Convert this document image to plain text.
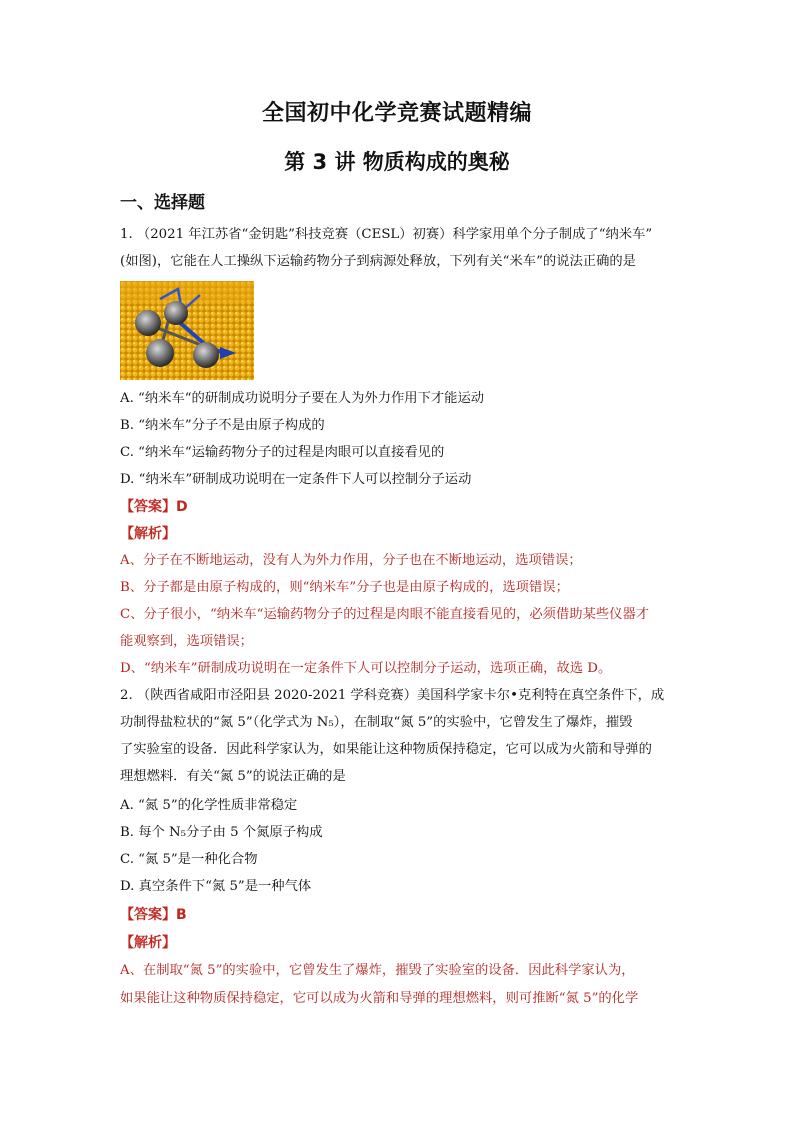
全国初中化学竞赛试题精编
第 3 讲 物质构成的奥秘
一、选择题
1. （2021 年江苏省“金钥匙”科技竞赛（CESL）初赛）科学家用单个分子制成了“纳米车”
(如图)，它能在人工操纵下运输药物分子到病源处释放，下列有关“米车”的说法正确的是
A. “纳米车“的研制成功说明分子要在人为外力作用下才能运动
B. “纳米车”分子不是由原子构成的
C. “纳米车“运输药物分子的过程是肉眼可以直接看见的
D. “纳米车”研制成功说明在一定条件下人可以控制分子运动
【答案】D
【解析】
A、分子在不断地运动，没有人为外力作用，分子也在不断地运动，选项错误；
B、分子都是由原子构成的，则“纳米车”分子也是由原子构成的，选项错误；
C、分子很小，“纳米车“运输药物分子的过程是肉眼不能直接看见的，必须借助某些仪器才
能观察到，选项错误；
D、“纳米车”研制成功说明在一定条件下人可以控制分子运动，选项正确，故选 D。
2. （陕西省咸阳市泾阳县 2020-2021 学科竞赛）美国科学家卡尔•克利特在真空条件下，成
功制得盐粒状的“氮 5”（化学式为 N₅），在制取“氮 5”的实验中，它曾发生了爆炸，摧毁
了实验室的设备．因此科学家认为，如果能让这种物质保持稳定，它可以成为火箭和导弹的
理想燃料．有关“氮 5”的说法正确的是
A. “氮 5”的化学性质非常稳定
B. 每个 N₅分子由 5 个氮原子构成
C. “氮 5”是一种化合物
D. 真空条件下“氮 5”是一种气体
【答案】B
【解析】
A、在制取“氮 5”的实验中，它曾发生了爆炸，摧毁了实验室的设备．因此科学家认为，
如果能让这种物质保持稳定，它可以成为火箭和导弹的理想燃料，则可推断“氮 5”的化学
